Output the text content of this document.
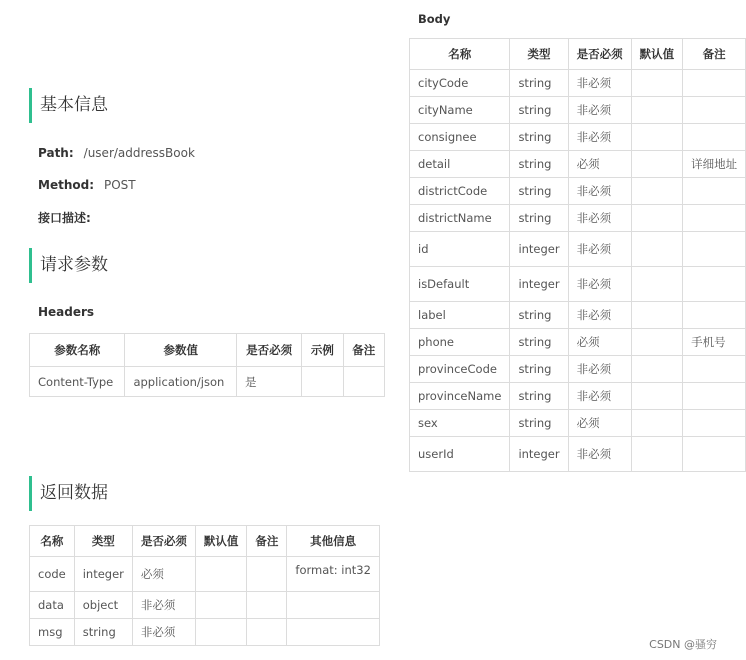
基本信息
Path: /user/addressBook
Method: POST
接口描述:
请求参数
Headers
参数名称	参数值	是否必须	示例	备注
Content-Type	application/json	是		
Body
名称	类型	是否必须	默认值	备注
cityCode	string	非必须		
cityName	string	非必须		
consignee	string	非必须		
detail	string	必须		详细地址
districtCode	string	非必须		
districtName	string	非必须		
id	integer	非必须		
isDefault	integer	非必须		
label	string	非必须		
phone	string	必须		手机号
provinceCode	string	非必须		
provinceName	string	非必须		
sex	string	必须		
userId	integer	非必须		
返回数据
名称	类型	是否必须	默认值	备注	其他信息
code	integer	必须			format: int32
data	object	非必须			
msg	string	非必须			
CSDN @骚穷
